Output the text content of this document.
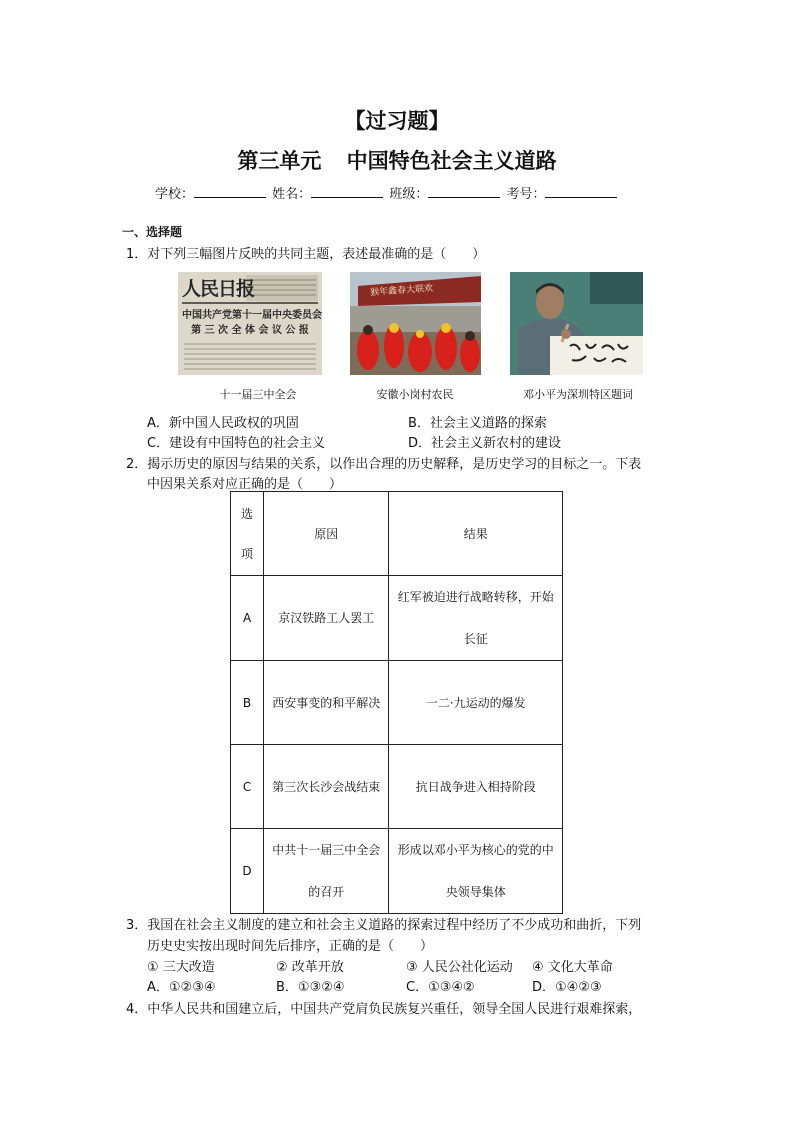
【过习题】
第三单元 中国特色社会主义道路
学校：	姓名：	班级：	考号：
一、选择题
1．对下列三幅图片反映的共同主题，表述最准确的是（　　）
人民日报
中国共产党第十一届中央委员会
第 三 次 全 体 会 议 公 报
十一届三中全会
猴年鑫春大联欢
安徽小岗村农民	邓小平为深圳特区题词
A．新中国人民政权的巩固	B．社会主义道路的探索
C．建设有中国特色的社会主义	D．社会主义新农村的建设
2．揭示历史的原因与结果的关系，以作出合理的历史解释，是历史学习的目标之一。下表
中因果关系对应正确的是（　　）
选项	原因	结果
A	京汉铁路工人罢工	红军被迫进行战略转移，开始长征
B	西安事变的和平解决	一二·九运动的爆发
C	第三次长沙会战结束	抗日战争进入相持阶段
D	中共十一届三中全会的召开	形成以邓小平为核心的党的中央领导集体
3．我国在社会主义制度的建立和社会主义道路的探索过程中经历了不少成功和曲折，下列
历史史实按出现时间先后排序，正确的是（　　）
① 三大改造	② 改革开放	③ 人民公社化运动 ④ 文化大革命
A．①②③④	B．①③②④	C．①③④②	D．①④②③
4．中华人民共和国建立后，中国共产党肩负民族复兴重任，领导全国人民进行艰难探索，
